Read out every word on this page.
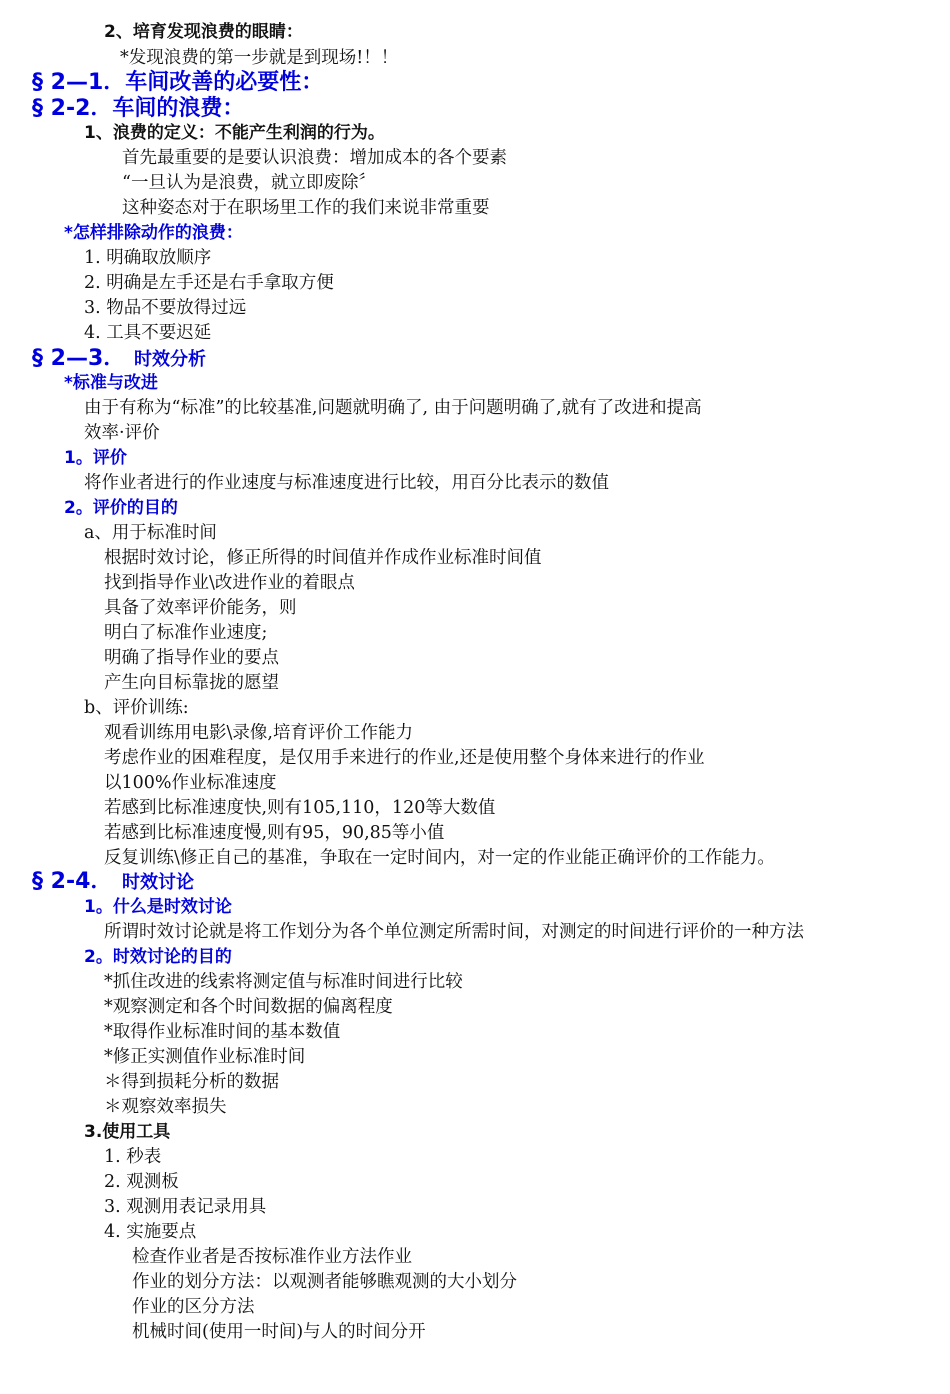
2、培育发现浪费的眼睛：
*发现浪费的第一步就是到现场!！！
§ 2—1．车间改善的必要性：
§ 2-2．车间的浪费：
1、浪费的定义：不能产生利润的行为。
首先最重要的是要认识浪费：增加成本的各个要素
“一旦认为是浪费，就立即废除〞
这种姿态对于在职场里工作的我们来说非常重要
*怎样排除动作的浪费：
1. 明确取放顺序
2. 明确是左手还是右手拿取方便
3. 物品不要放得过远
4. 工具不要迟延
§ 2—3． 时效分析
*标准与改进
由于有称为“标准”的比较基准,问题就明确了, 由于问题明确了,就有了改进和提高
效率·评价
1。评价
将作业者进行的作业速度与标准速度进行比较，用百分比表示的数值
2。评价的目的
a、用于标准时间
根据时效讨论，修正所得的时间值并作成作业标准时间值
找到指导作业\改进作业的着眼点
具备了效率评价能务，则
明白了标准作业速度;
明确了指导作业的要点
产生向目标靠拢的愿望
b、评价训练:
观看训练用电影\录像,培育评价工作能力
考虑作业的困难程度，是仅用手来进行的作业,还是使用整个身体来进行的作业
以100%作业标准速度
若感到比标准速度快,则有105,110，120等大数值
若感到比标准速度慢,则有95，90,85等小值
反复训练\修正自己的基准，争取在一定时间内，对一定的作业能正确评价的工作能力。
§ 2-4． 时效讨论
1。什么是时效讨论
所谓时效讨论就是将工作划分为各个单位测定所需时间，对测定的时间进行评价的一种方法
2。时效讨论的目的
*抓住改进的线索将测定值与标准时间进行比较
*观察测定和各个时间数据的偏离程度
*取得作业标准时间的基本数值
*修正实测值作业标准时间
＊得到损耗分析的数据
＊观察效率损失
3.使用工具
1. 秒表
2. 观测板
3. 观测用表记录用具
4. 实施要点
检查作业者是否按标准作业方法作业
作业的划分方法：以观测者能够瞧观测的大小划分
作业的区分方法
机械时间(使用一时间)与人的时间分开
